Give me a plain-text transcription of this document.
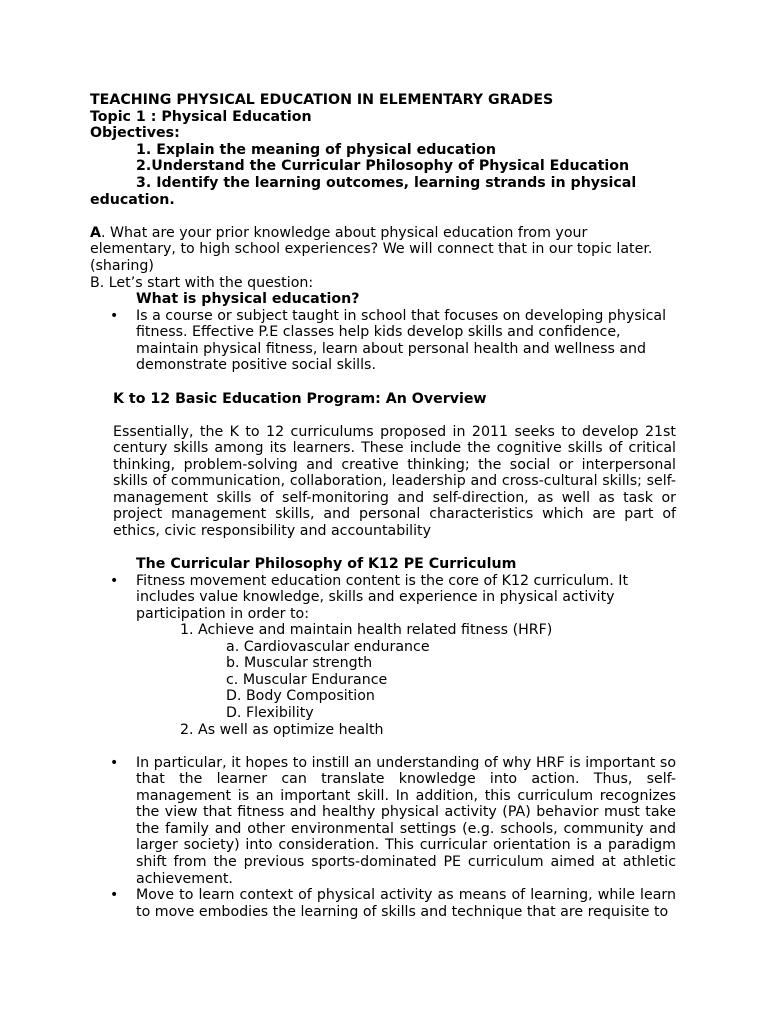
TEACHING PHYSICAL EDUCATION IN ELEMENTARY GRADES
Topic 1 : Physical Education
Objectives:
1. Explain the meaning of physical education
2.Understand the Curricular Philosophy of Physical Education
3. Identify the learning outcomes, learning strands in physical
education.
A. What are your prior knowledge about physical education from your elementary, to high school experiences? We will connect that in our topic later. (sharing)
B. Let’s start with the question:
What is physical education?
• Is a course or subject taught in school that focuses on developing physical fitness. Effective P.E classes help kids develop skills and confidence, maintain physical fitness, learn about personal health and wellness and demonstrate positive social skills.
K to 12 Basic Education Program: An Overview
Essentially, the K to 12 curriculums proposed in 2011 seeks to develop 21st century skills among its learners. These include the cognitive skills of critical thinking, problem-solving and creative thinking; the social or interpersonal skills of communication, collaboration, leadership and cross-cultural skills; self-management skills of self-monitoring and self-direction, as well as task or project management skills, and personal characteristics which are part of ethics, civic responsibility and accountability
The Curricular Philosophy of K12 PE Curriculum
• Fitness movement education content is the core of K12 curriculum. It includes value knowledge, skills and experience in physical activity participation in order to:
1. Achieve and maintain health related fitness (HRF)
a. Cardiovascular endurance
b. Muscular strength
c. Muscular Endurance
D. Body Composition
D. Flexibility
2. As well as optimize health
• In particular, it hopes to instill an understanding of why HRF is important so that the learner can translate knowledge into action. Thus, self-management is an important skill. In addition, this curriculum recognizes the view that fitness and healthy physical activity (PA) behavior must take the family and other environmental settings (e.g. schools, community and larger society) into consideration. This curricular orientation is a paradigm shift from the previous sports-dominated PE curriculum aimed at athletic achievement.
• Move to learn context of physical activity as means of learning, while learn to move embodies the learning of skills and technique that are requisite to
